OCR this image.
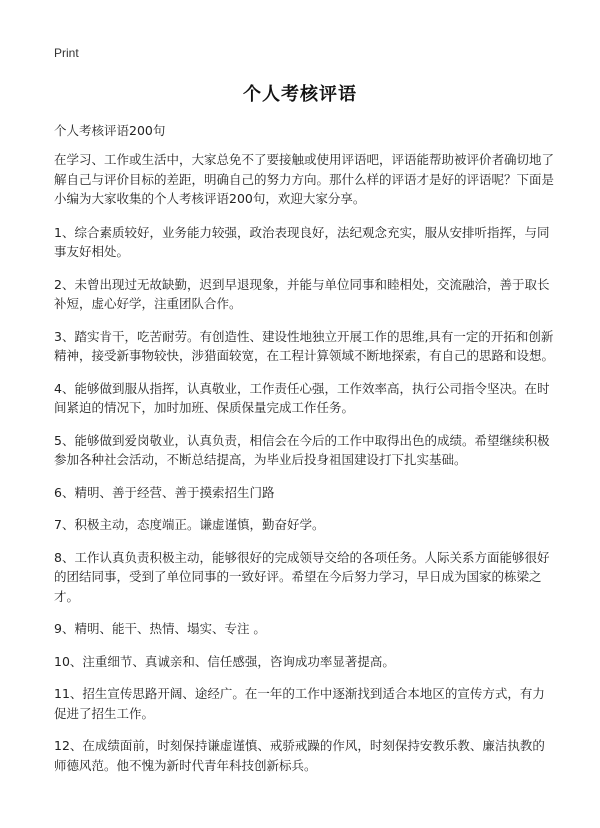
Print
个人考核评语
个人考核评语200句

在学习、工作或生活中，大家总免不了要接触或使用评语吧，评语能帮助被评价者确切地了解自己与评价目标的差距，明确自己的努力方向。那什么样的评语才是好的评语呢？下面是小编为大家收集的个人考核评语200句，欢迎大家分享。

1、综合素质较好，业务能力较强，政治表现良好，法纪观念充实，服从安排听指挥，与同事友好相处。

2、未曾出现过无故缺勤，迟到早退现象，并能与单位同事和睦相处，交流融洽，善于取长补短，虚心好学，注重团队合作。

3、踏实肯干，吃苦耐劳。有创造性、建设性地独立开展工作的思维,具有一定的开拓和创新精神，接受新事物较快，涉猎面较宽，在工程计算领域不断地探索，有自己的思路和设想。

4、能够做到服从指挥，认真敬业，工作责任心强，工作效率高，执行公司指令坚决。在时间紧迫的情况下，加时加班、保质保量完成工作任务。

5、能够做到爱岗敬业，认真负责，相信会在今后的工作中取得出色的成绩。希望继续积极参加各种社会活动，不断总结提高，为毕业后投身祖国建设打下扎实基础。

6、精明、善于经营、善于摸索招生门路

7、积极主动，态度端正。谦虚谨慎，勤奋好学。

8、工作认真负责积极主动，能够很好的完成领导交给的各项任务。人际关系方面能够很好的团结同事，受到了单位同事的一致好评。希望在今后努力学习，早日成为国家的栋梁之才。

9、精明、能干、热情、塌实、专注 。

10、注重细节、真诚亲和、信任感强，咨询成功率显著提高。

11、招生宣传思路开阔、途经广。在一年的工作中逐渐找到适合本地区的宣传方式，有力促进了招生工作。

12、在成绩面前，时刻保持谦虚谨慎、戒骄戒躁的作风，时刻保持安教乐教、廉洁执教的师德风范。他不愧为新时代青年科技创新标兵。
